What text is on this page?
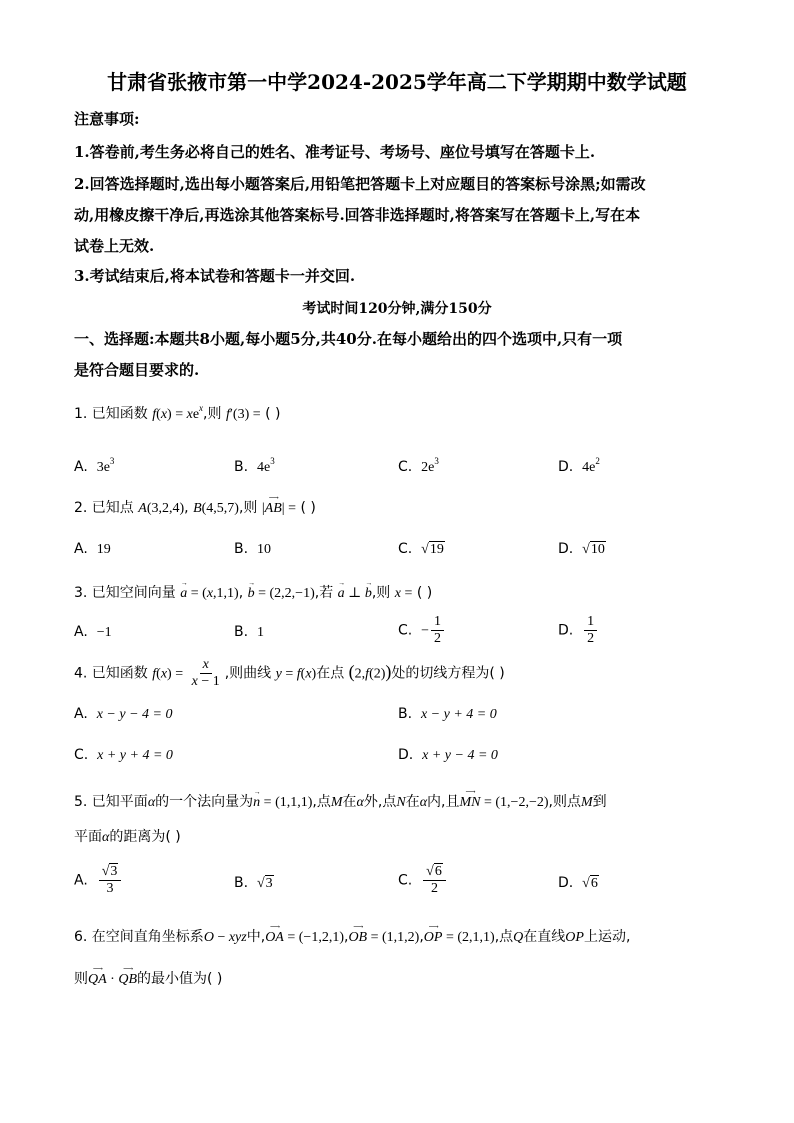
甘肃省张掖市第一中学2024-2025学年高二下学期期中数学试题
注意事项:
1.答卷前,考生务必将自己的姓名、准考证号、考场号、座位号填写在答题卡上.
2.回答选择题时,选出每小题答案后,用铅笔把答题卡上对应题目的答案标号涂黑;如需改
动,用橡皮擦干净后,再选涂其他答案标号.回答非选择题时,将答案写在答题卡上,写在本
试卷上无效.
3.考试结束后,将本试卷和答题卡一并交回.
考试时间120分钟,满分150分
一、选择题:本题共8小题,每小题5分,共40分.在每小题给出的四个选项中,只有一项
是符合题目要求的.
1. 已知函数 $f(x) = xe^x$,则 f′(3) = ( )
A. $3e^3$	B. $4e^3$	C. $2e^3$	D. $4e^2$
2. 已知点 A(3,2,4), B(4,5,7),则 |AB
⟶
| = ( )
A. 19	B. 10	C. √19	D. √10
3. 已知空间向量 a
→
= (x,1,1), b
→
= (2,2,−1),若 a
→
⊥ b
→
,则 x = ( )
A. −1	B. 1	C. − $\frac{1}{2}$	D. $\frac{1}{2}$
4. 已知函数 $f(x) = \frac{x}{x - 1}$ ,则曲线 y = f(x)在点 (2,f(2))处的切线方程为( )
A. x − y − 4 = 0	B. x − y + 4 = 0
C. x + y + 4 = 0	D. x + y − 4 = 0
5. 已知平面α的一个法向量为n
→
= (1,1,1),点M在α外,点N在α内,且MN
⟶
= (1,−2,−2),则点M到
平面α的距离为( )
A. $\frac{√3}{3}$	B. √3	C. $\frac{√6}{2}$	D. √6
6. 在空间直角坐标系O − xyz中,OA
⟶
= (−1,2,1),OB
⟶
= (1,1,2),OP
⟶
= (2,1,1),点Q在直线OP上运动,
则QA
⟶
· QB
⟶
的最小值为( )
